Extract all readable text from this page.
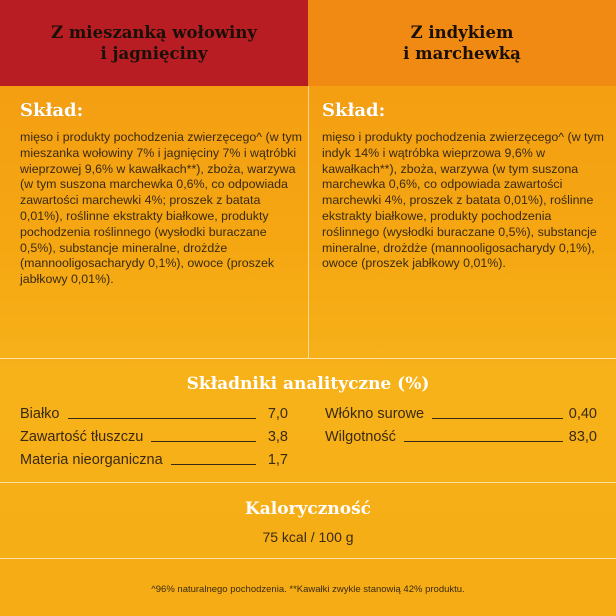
Z mieszanką wołowiny
i jagnięciny
Z indykiem
i marchewką
Skład:

mięso i produkty pochodzenia zwierzęcego^ (w tym mieszanka wołowiny 7% i jagnięciny 7% i wątróbki wieprzowej 9,6% w kawałkach**), zboża, warzywa (w tym suszona marchewka 0,6%, co odpowiada zawartości marchewki 4%; proszek z batata 0,01%), roślinne ekstrakty białkowe, produkty pochodzenia roślinnego (wysłodki buraczane 0,5%), substancje mineralne, drożdże (mannooligosacharydy 0,1%), owoce (proszek jabłkowy 0,01%).

Skład:

mięso i produkty pochodzenia zwierzęcego^ (w tym indyk 14% i wątróbka wieprzowa 9,6% w kawałkach**), zboża, warzywa (w tym suszona marchewka 0,6%, co odpowiada zawartości marchewki 4%, proszek z batata 0,01%), roślinne ekstrakty białkowe, produkty pochodzenia roślinnego (wysłodki buraczane 0,5%), substancje mineralne, drożdże (mannooligosacharydy 0,1%), owoce (proszek jabłkowy 0,01%).

Składniki analityczne (%)
Białko	7,0
Zawartość tłuszczu	3,8
Materia nieorganiczna	1,7
Włókno surowe	0,40
Wilgotność	83,0
Kaloryczność
75 kcal / 100 g
^96% naturalnego pochodzenia. **Kawałki zwykle stanowią 42% produktu.
